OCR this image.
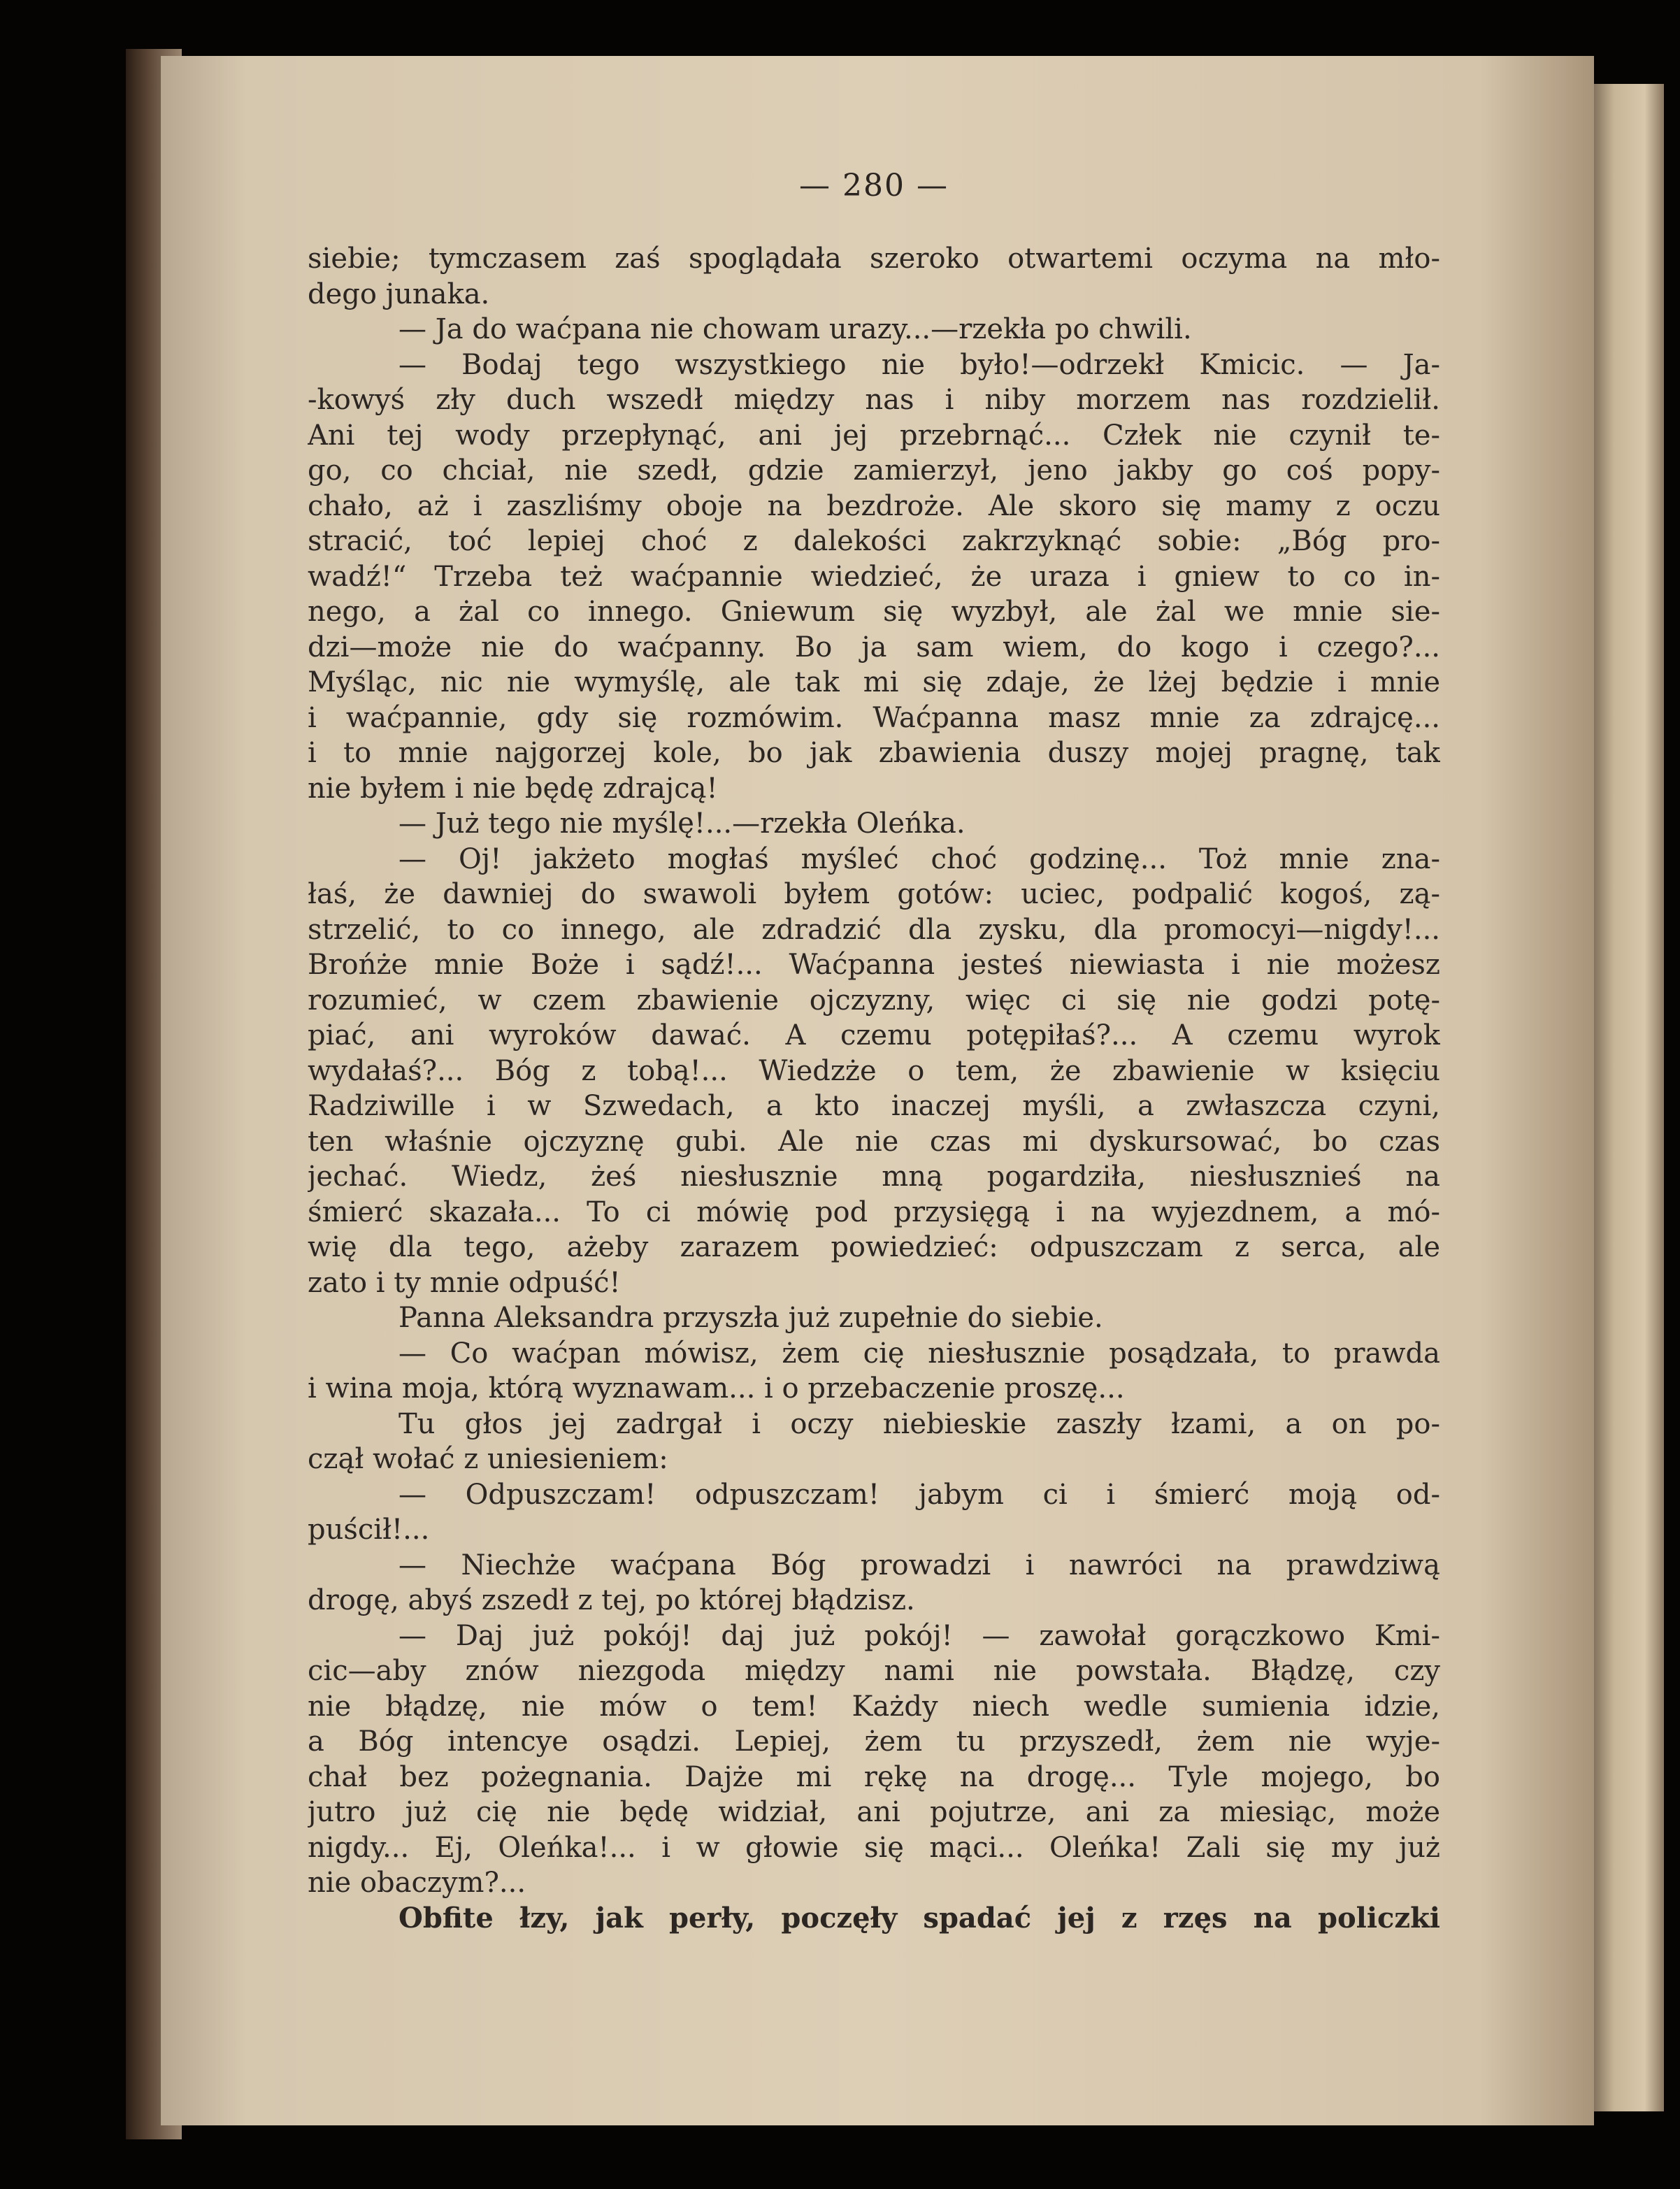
— 280 —
siebie; tymczasem zaś spoglądała szeroko otwartemi oczyma na mło-
dego junaka.
— Ja do waćpana nie chowam urazy...—rzekła po chwili.
— Bodaj tego wszystkiego nie było!—odrzekł Kmicic. — Ja-
-kowyś zły duch wszedł między nas i niby morzem nas rozdzielił.
Ani tej wody przepłynąć, ani jej przebrnąć... Człek nie czynił te-
go, co chciał, nie szedł, gdzie zamierzył, jeno jakby go coś popy-
chało, aż i zaszliśmy oboje na bezdroże. Ale skoro się mamy z oczu
stracić, toć lepiej choć z dalekości zakrzyknąć sobie: „Bóg pro-
wadź!“ Trzeba też waćpannie wiedzieć, że uraza i gniew to co in-
nego, a żal co innego. Gniewum się wyzbył, ale żal we mnie sie-
dzi—może nie do waćpanny. Bo ja sam wiem, do kogo i czego?...
Myśląc, nic nie wymyślę, ale tak mi się zdaje, że lżej będzie i mnie
i waćpannie, gdy się rozmówim. Waćpanna masz mnie za zdrajcę...
i to mnie najgorzej kole, bo jak zbawienia duszy mojej pragnę, tak
nie byłem i nie będę zdrajcą!
— Już tego nie myślę!...—rzekła Oleńka.
— Oj! jakżeto mogłaś myśleć choć godzinę... Toż mnie zna-
łaś, że dawniej do swawoli byłem gotów: uciec, podpalić kogoś, zą-
strzelić, to co innego, ale zdradzić dla zysku, dla promocyi—nigdy!...
Brońże mnie Boże i sądź!... Waćpanna jesteś niewiasta i nie możesz
rozumieć, w czem zbawienie ojczyzny, więc ci się nie godzi potę-
piać, ani wyroków dawać. A czemu potępiłaś?... A czemu wyrok
wydałaś?... Bóg z tobą!... Wiedzże o tem, że zbawienie w księciu
Radziwille i w Szwedach, a kto inaczej myśli, a zwłaszcza czyni,
ten właśnie ojczyznę gubi. Ale nie czas mi dyskursować, bo czas
jechać. Wiedz, żeś niesłusznie mną pogardziła, niesłuszniеś na
śmierć skazała... To ci mówię pod przysięgą i na wyjezdnem, a mó-
wię dla tego, ażeby zarazem powiedzieć: odpuszczam z serca, ale
zato i ty mnie odpuść!
Panna Aleksandra przyszła już zupełnie do siebie.
— Co waćpan mówisz, żem cię niesłusznie posądzała, to prawda
i wina moja, którą wyznawam... i o przebaczenie proszę...
Tu głos jej zadrgał i oczy niebieskie zaszły łzami, a on po-
czął wołać z uniesieniem:
— Odpuszczam! odpuszczam! jabym ci i śmierć moją od-
puścił!...
— Niechże waćpana Bóg prowadzi i nawróci na prawdziwą
drogę, abyś zszedł z tej, po której błądzisz.
— Daj już pokój! daj już pokój! — zawołał gorączkowo Kmi-
cic—aby znów niezgoda między nami nie powstała. Błądzę, czy
nie błądzę, nie mów o tem! Każdy niech wedle sumienia idzie,
a Bóg intencye osądzi. Lepiej, żem tu przyszedł, żem nie wyje-
chał bez pożegnania. Dajże mi rękę na drogę... Tyle mojego, bo
jutro już cię nie będę widział, ani pojutrze, ani za miesiąc, może
nigdy... Ej, Oleńka!... i w głowie się mąci... Oleńka! Zali się my już
nie obaczym?...
Obfite łzy, jak perły, poczęły spadać jej z rzęs na policzki
